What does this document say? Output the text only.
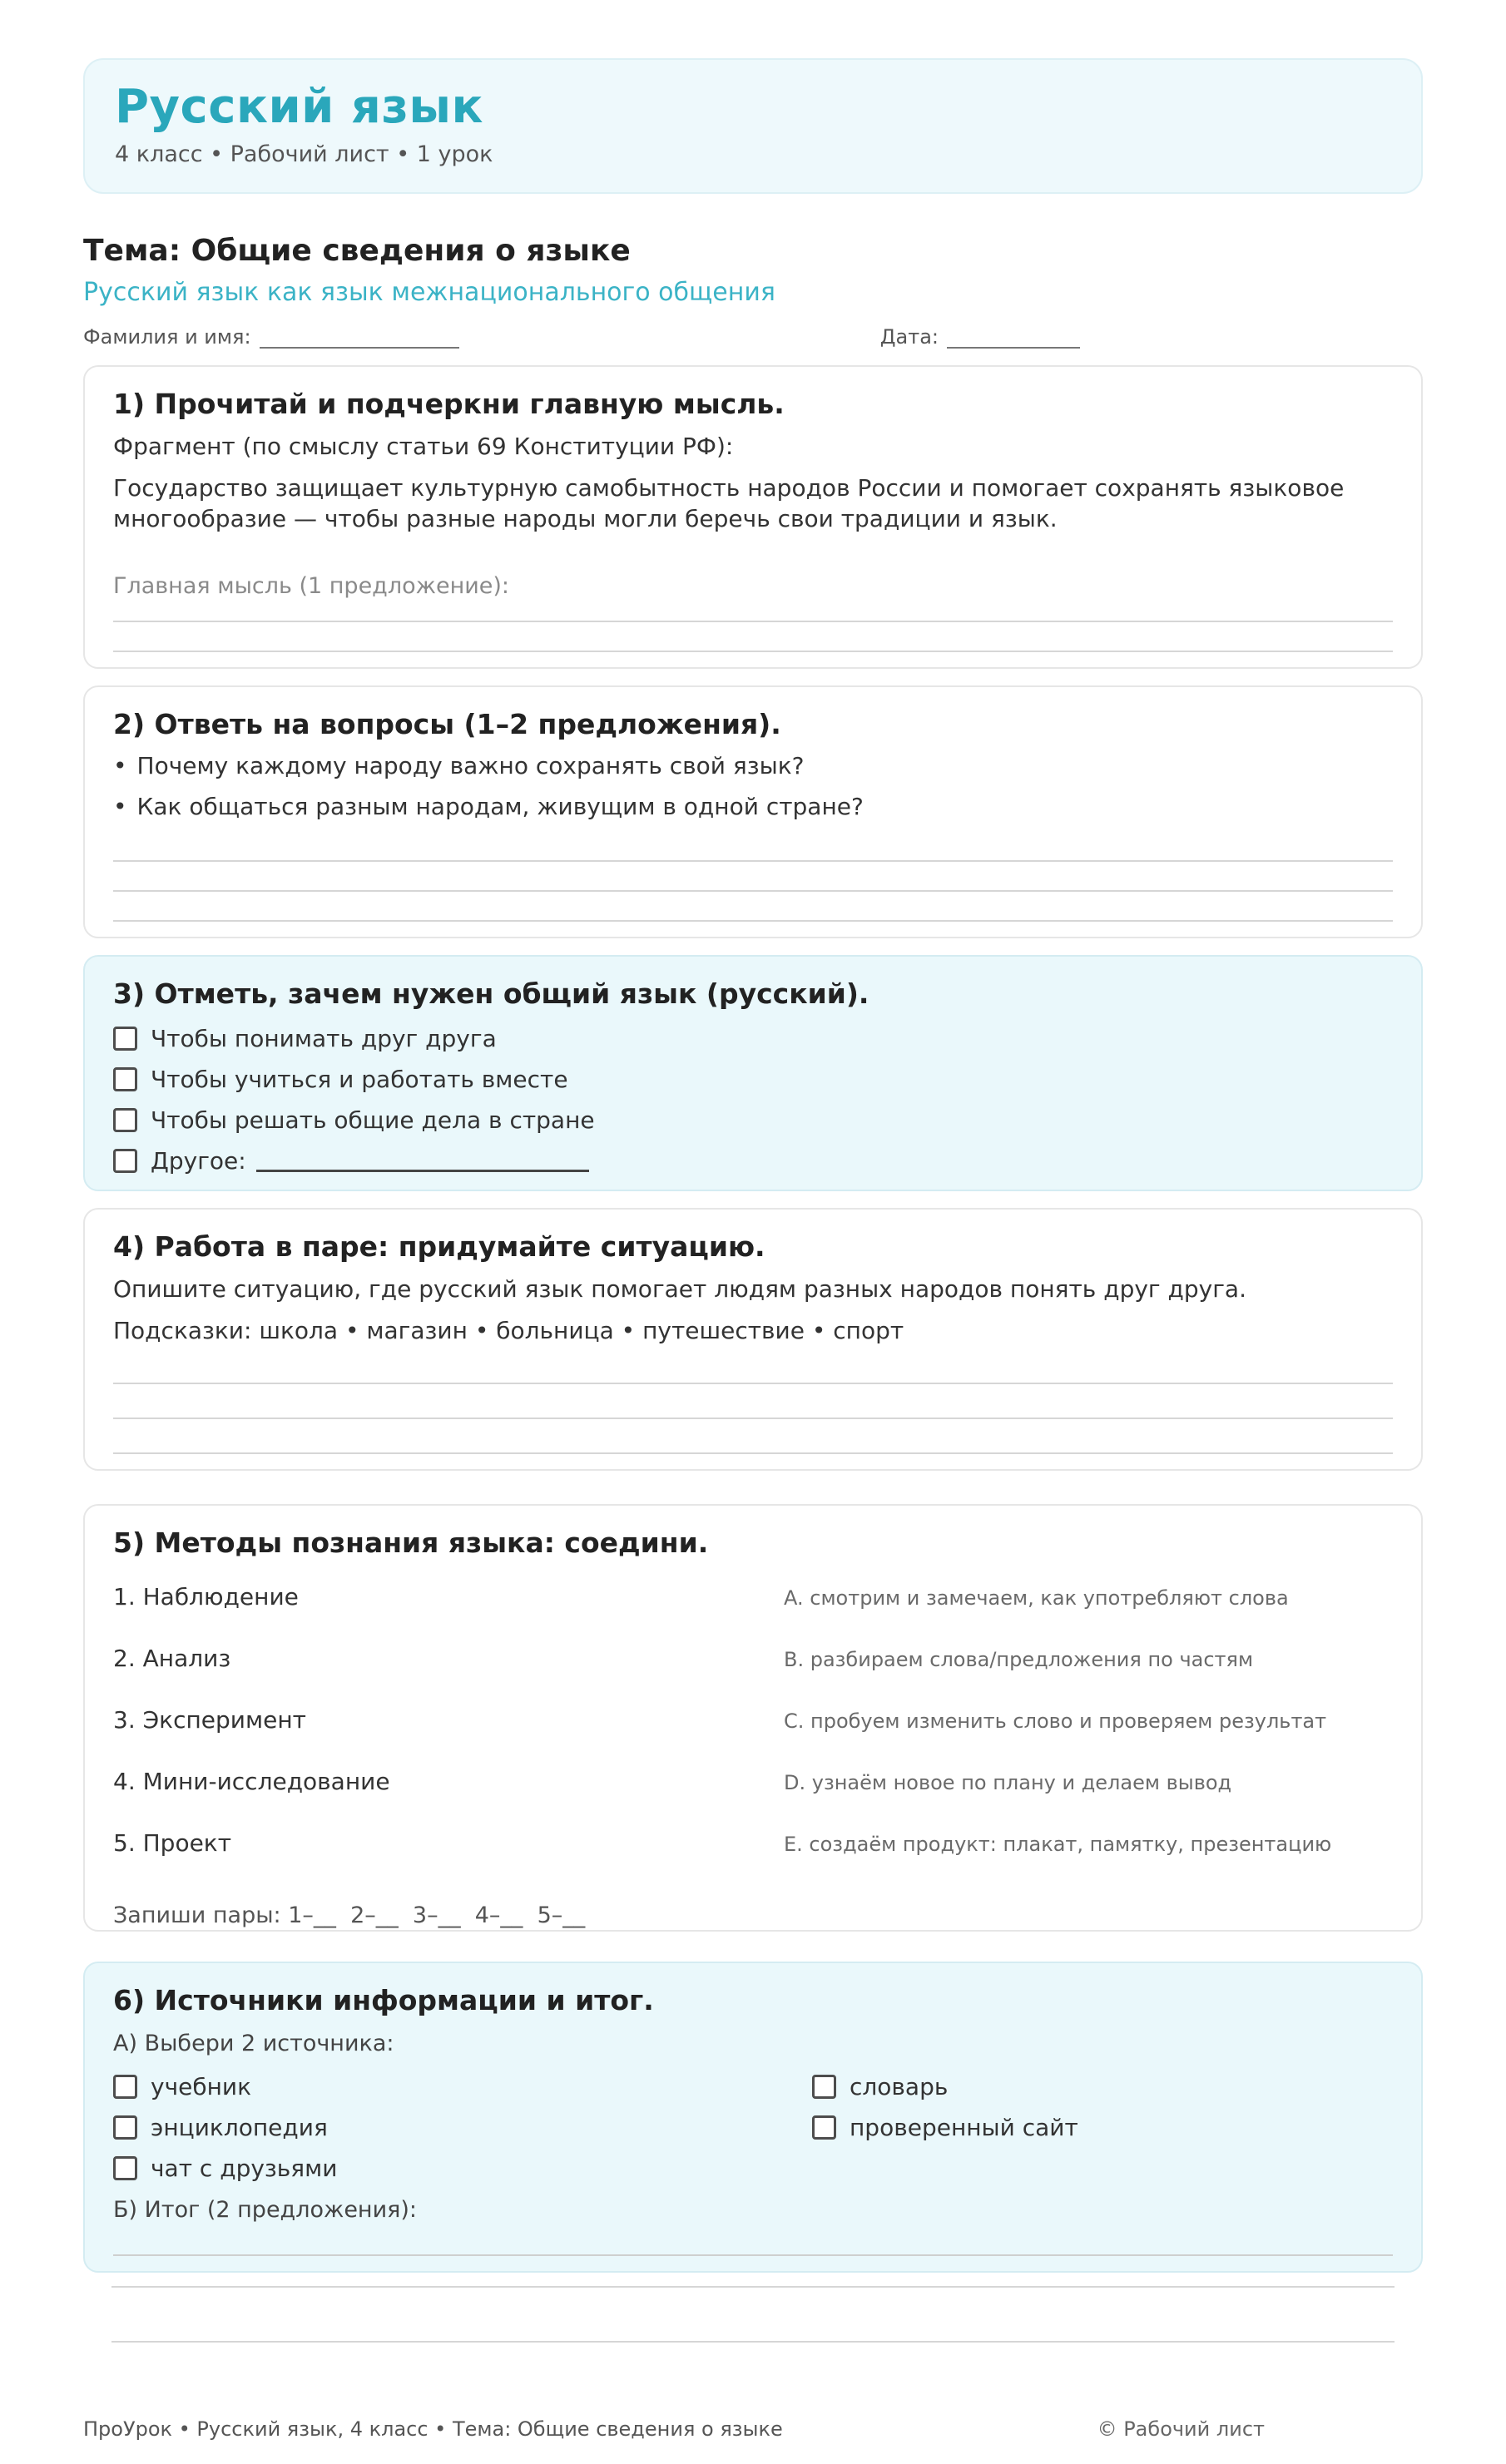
Русский язык
4 класс • Рабочий лист • 1 урок
Тема: Общие сведения о языке
Русский язык как язык межнационального общения
Фамилия и имя:	Дата:
1) Прочитай и подчеркни главную мысль.

Фрагмент (по смыслу статьи 69 Конституции РФ):

Государство защищает культурную самобытность народов России и помогает сохранять языковое многообразие — чтобы разные народы могли беречь свои традиции и язык.

Главная мысль (1 предложение):
2) Ответь на вопросы (1–2 предложения).
• Почему каждому народу важно сохранять свой язык?
• Как общаться разным народам, живущим в одной стране?
3) Отметь, зачем нужен общий язык (русский).
Чтобы понимать друг друга
Чтобы учиться и работать вместе
Чтобы решать общие дела в стране
Другое:
4) Работа в паре: придумайте ситуацию.

Опишите ситуацию, где русский язык помогает людям разных народов понять друг друга.

Подсказки: школа • магазин • больница • путешествие • спорт

5) Методы познания языка: соедини.
1. Наблюдение	A. смотрим и замечаем, как употребляют слова
2. Анализ	B. разбираем слова/предложения по частям
3. Эксперимент	C. пробуем изменить слово и проверяем результат
4. Мини-исследование	D. узнаём новое по плану и делаем вывод
5. Проект	E. создаём продукт: плакат, памятку, презентацию
Запиши пары: 1–__  2–__  3–__  4–__  5–__
6) Источники информации и итог.
А) Выбери 2 источника:
учебник
энциклопедия
чат с друзьями
словарь
проверенный сайт
Б) Итог (2 предложения):
ПроУрок • Русский язык, 4 класс • Тема: Общие сведения о языке	© Рабочий лист
